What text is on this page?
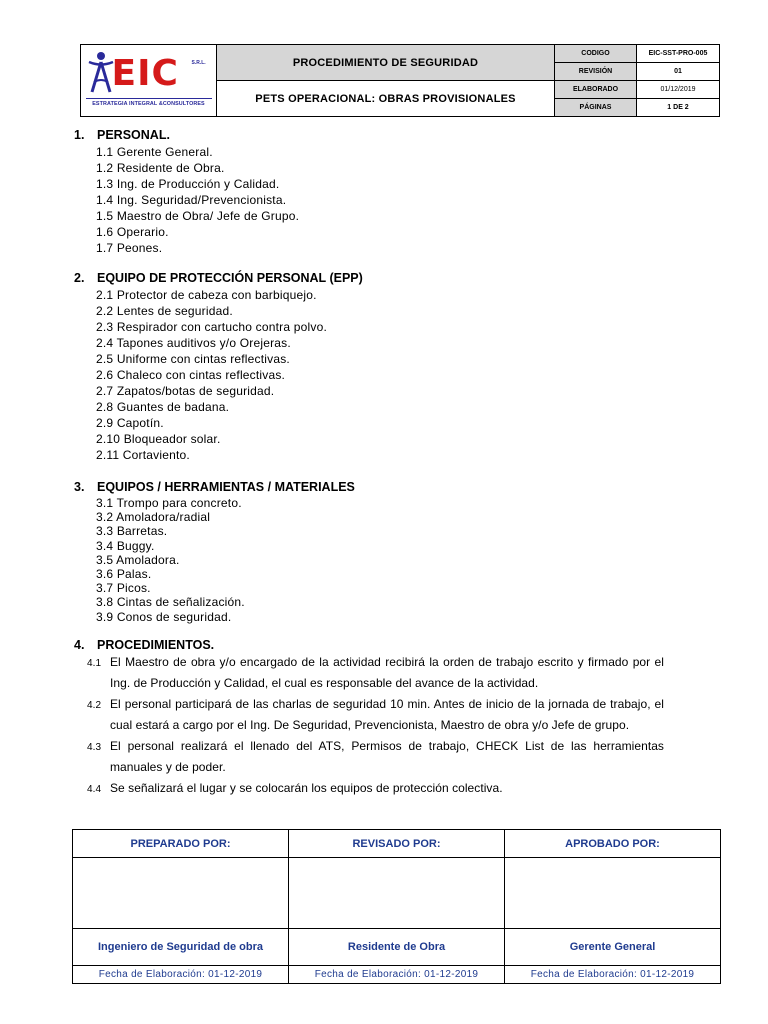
EIC S.R.L.
ESTRATEGIA INTEGRAL &CONSULTORES	PROCEDIMIENTO DE SEGURIDAD	CODIGO	EIC-SST-PRO-005
		REVISIÓN	01
	PETS OPERACIONAL: OBRAS PROVISIONALES	ELABORADO	01/12/2019
		PÁGINAS	1 DE 2
1. PERSONAL.
1.1 Gerente General.
1.2 Residente de Obra.
1.3 Ing. de Producción y Calidad.
1.4 Ing. Seguridad/Prevencionista.
1.5 Maestro de Obra/ Jefe de Grupo.
1.6 Operario.
1.7 Peones.
2. EQUIPO DE PROTECCIÓN PERSONAL (EPP)
2.1 Protector de cabeza con barbiquejo.
2.2 Lentes de seguridad.
2.3 Respirador con cartucho contra polvo.
2.4 Tapones auditivos y/o Orejeras.
2.5 Uniforme con cintas reflectivas.
2.6 Chaleco con cintas reflectivas.
2.7 Zapatos/botas de seguridad.
2.8 Guantes de badana.
2.9 Capotín.
2.10 Bloqueador solar.
2.11 Cortaviento.
3. EQUIPOS / HERRAMIENTAS / MATERIALES
3.1 Trompo para concreto.
3.2 Amoladora/radial
3.3 Barretas.
3.4 Buggy.
3.5 Amoladora.
3.6 Palas.
3.7 Picos.
3.8 Cintas de señalización.
3.9 Conos de seguridad.
4. PROCEDIMIENTOS.
4.1 El Maestro de obra y/o encargado de la actividad recibirá la orden de trabajo escrito y firmado por el Ing. de Producción y Calidad, el cual es responsable del avance de la actividad.
4.2 El personal participará de las charlas de seguridad 10 min. Antes de inicio de la jornada de trabajo, el cual estará a cargo por el Ing. De Seguridad, Prevencionista, Maestro de obra y/o Jefe de grupo.
4.3 El personal realizará el llenado del ATS, Permisos de trabajo, CHECK List de las herramientas manuales y de poder.
4.4 Se señalizará el lugar y se colocarán los equipos de protección colectiva.
PREPARADO POR:	REVISADO POR:	APROBADO POR:

Ingeniero de Seguridad de obra	Residente de Obra	Gerente General
Fecha de Elaboración: 01-12-2019	Fecha de Elaboración: 01-12-2019	Fecha de Elaboración: 01-12-2019
